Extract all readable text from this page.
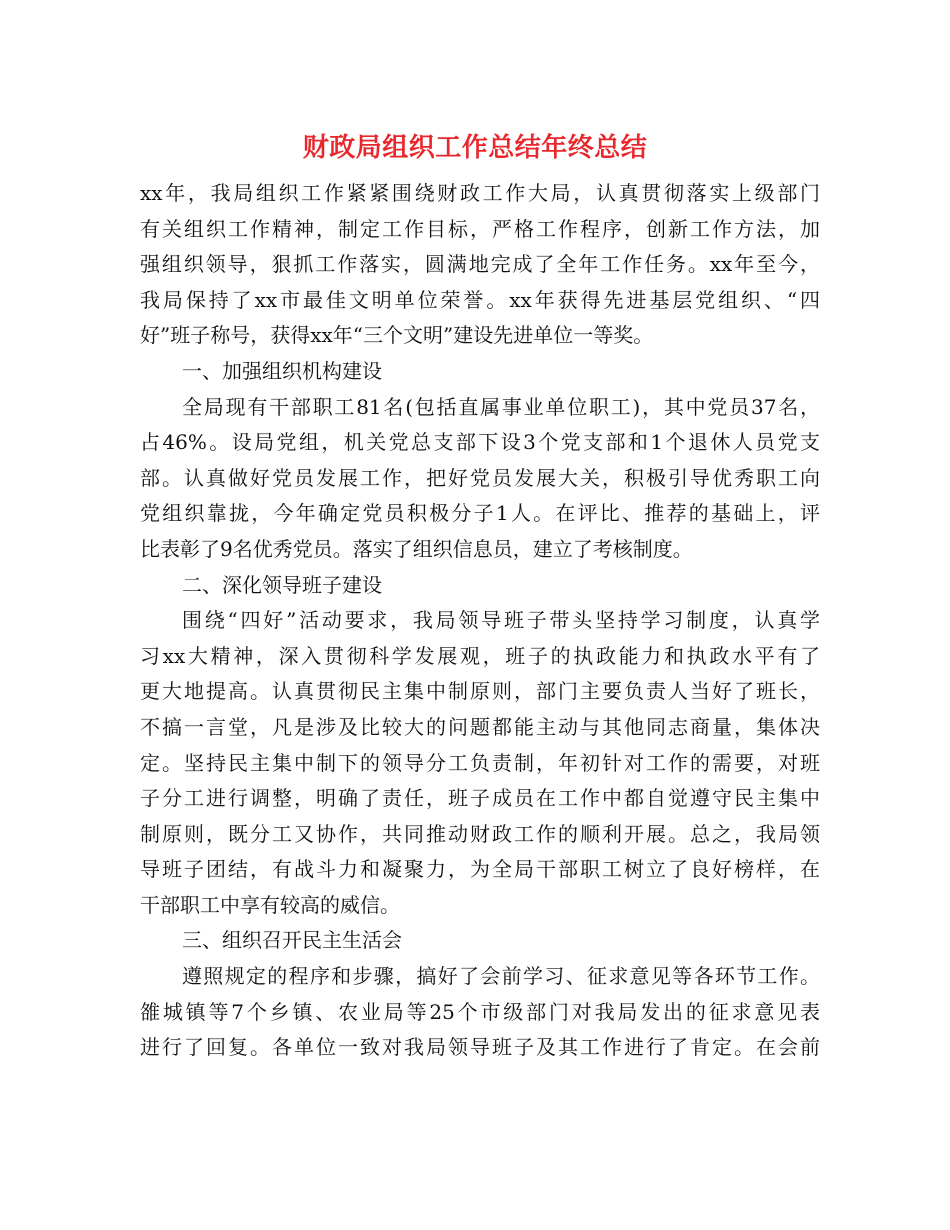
财政局组织工作总结年终总结
xx年，我局组织工作紧紧围绕财政工作大局，认真贯彻落实上级部门
有关组织工作精神，制定工作目标，严格工作程序，创新工作方法，加
强组织领导，狠抓工作落实，圆满地完成了全年工作任务。xx年至今，
我局保持了xx市最佳文明单位荣誉。xx年获得先进基层党组织、“四
好”班子称号，获得xx年“三个文明”建设先进单位一等奖。
一、加强组织机构建设
全局现有干部职工81名(包括直属事业单位职工)，其中党员37名，
占46%。设局党组，机关党总支部下设3个党支部和1个退休人员党支
部。认真做好党员发展工作，把好党员发展大关，积极引导优秀职工向
党组织靠拢，今年确定党员积极分子1人。在评比、推荐的基础上，评
比表彰了9名优秀党员。落实了组织信息员，建立了考核制度。
二、深化领导班子建设
围绕“四好”活动要求，我局领导班子带头坚持学习制度，认真学
习xx大精神，深入贯彻科学发展观，班子的执政能力和执政水平有了
更大地提高。认真贯彻民主集中制原则，部门主要负责人当好了班长，
不搞一言堂，凡是涉及比较大的问题都能主动与其他同志商量，集体决
定。坚持民主集中制下的领导分工负责制，年初针对工作的需要，对班
子分工进行调整，明确了责任，班子成员在工作中都自觉遵守民主集中
制原则，既分工又协作，共同推动财政工作的顺利开展。总之，我局领
导班子团结，有战斗力和凝聚力，为全局干部职工树立了良好榜样，在
干部职工中享有较高的威信。
三、组织召开民主生活会
遵照规定的程序和步骤，搞好了会前学习、征求意见等各环节工作。
雒城镇等7个乡镇、农业局等25个市级部门对我局发出的征求意见表
进行了回复。各单位一致对我局领导班子及其工作进行了肯定。在会前
